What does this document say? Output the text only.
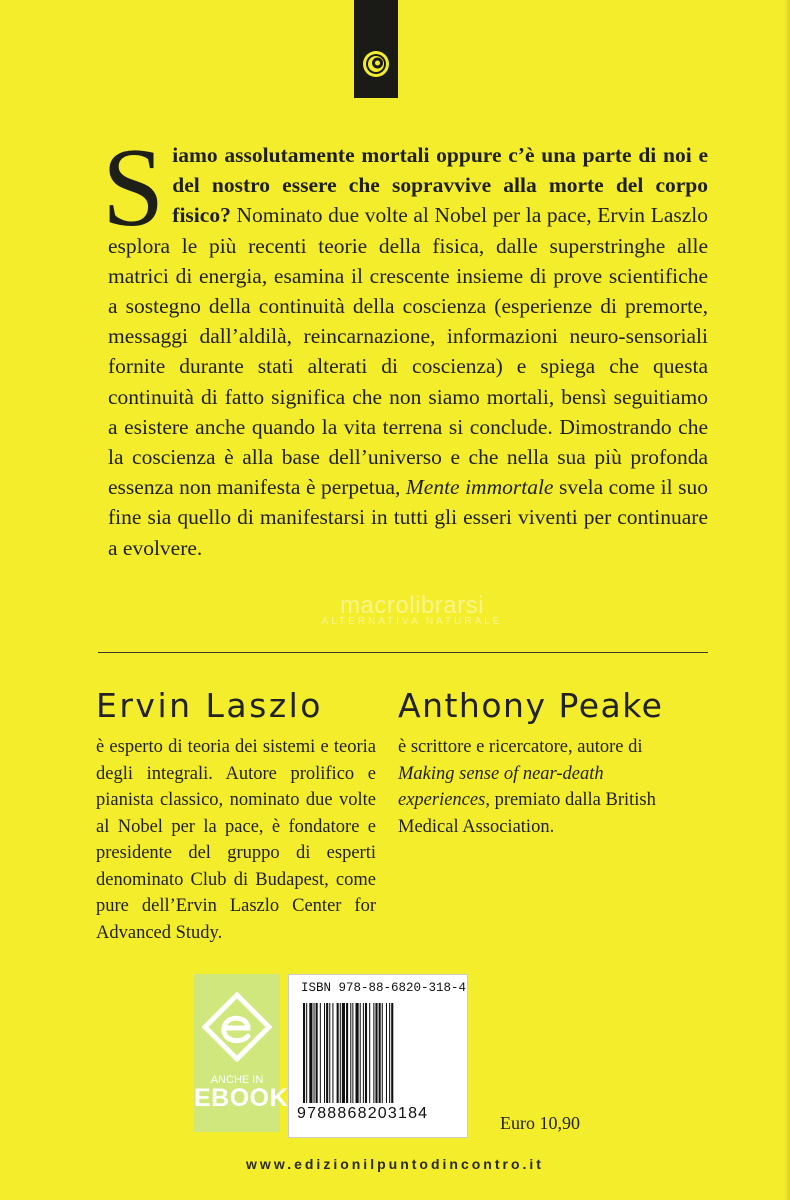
Siamo assolutamente mortali oppure c’è una parte di noi e del nostro essere che sopravvive alla morte del corpo fisico? Nominato due volte al Nobel per la pace, Ervin Laszlo esplora le più recenti teorie della fisica, dalle superstringhe alle matrici di energia, esamina il crescente insieme di prove scientifiche a sostegno della continuità della coscienza (esperienze di premorte, messaggi dall’aldilà, reincarnazione, informazioni neuro-sensoriali fornite durante stati alterati di coscienza) e spiega che questa continuità di fatto significa che non siamo mortali, bensì seguitiamo a esistere anche quando la vita terrena si conclude. Dimostrando che la coscienza è alla base dell’universo e che nella sua più profonda essenza non manifesta è perpetua, Mente immortale svela come il suo fine sia quello di manifestarsi in tutti gli esseri viventi per continuare a evolvere.

macrolibrarsi
ALTERNATIVA NATURALE
Ervin Laszlo Anthony Peake

è esperto di teoria dei sistemi e teoria degli integrali. Autore prolifico e pianista classico, nominato due volte al Nobel per la pace, è fondatore e presidente del gruppo di esperti denominato Club di Budapest, come pure dell’Ervin Laszlo Center for Advanced Study.

è scrittore e ricercatore, autore di Making sense of near-death experiences, premiato dalla British Medical Association.

ANCHE IN
EBOOK
ISBN 978-88-6820-318-4
9788868203184	Euro 10,90
www.edizionilpuntodincontro.it
